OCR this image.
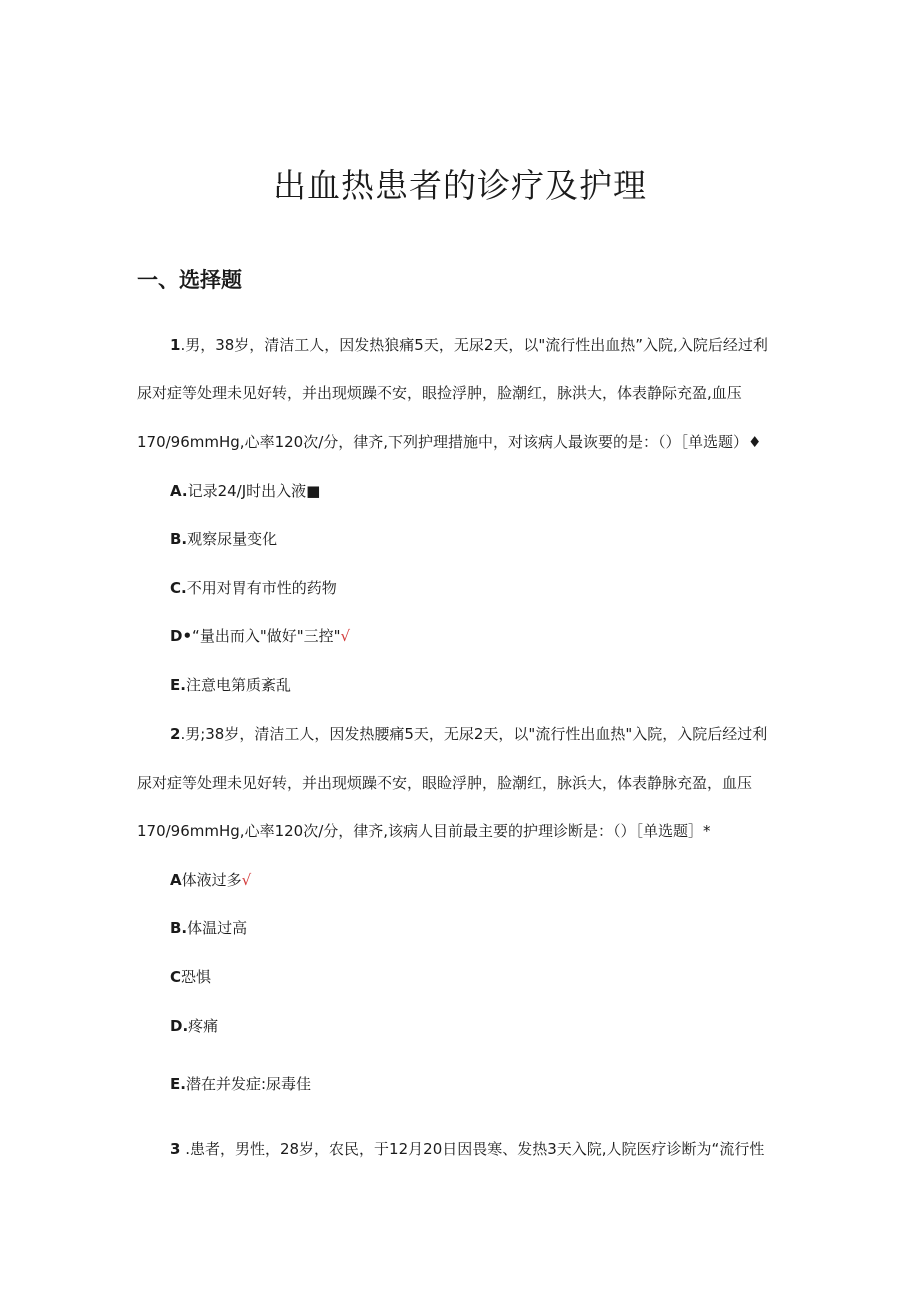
出血热患者的诊疗及护理
一、选择题
1.男，38岁，清洁工人，因发热狼痛5天，无尿2天，以"流行性出血热”入院,入院后经过利
尿对症等处理未见好转，并出现烦躁不安，眼捡浮肿，脸潮红，脉洪大，体表静际充盈,血压
170/96mmHg,心率120次/分，律齐,下列护理措施中，对该病人最诙要的是：（）［单选题）♦
A.记录24/J时出入液■
B.观察尿量变化
C.不用对胃有市性的药物
D•“量出而入"做好"三控"√
E.注意电第质紊乱
2.男;38岁，清洁工人，因发热腰痛5天，无尿2天，以"流行性出血热"入院，入院后经过利
尿对症等处理未见好转，并出现烦躁不安，眼睑浮肿，脸潮红，脉浜大，体表静脉充盈，血压
170/96mmHg,心率120次/分，律齐,该病人目前最主要的护理诊断是：（）［单选题］*
A体液过多√
B.体温过高
C恐惧
D.疼痛
E.潜在并发症:尿毒佳
3 .患者，男性，28岁，农民，于12月20日因畏寒、发热3天入院,人院医疗诊断为“流行性
